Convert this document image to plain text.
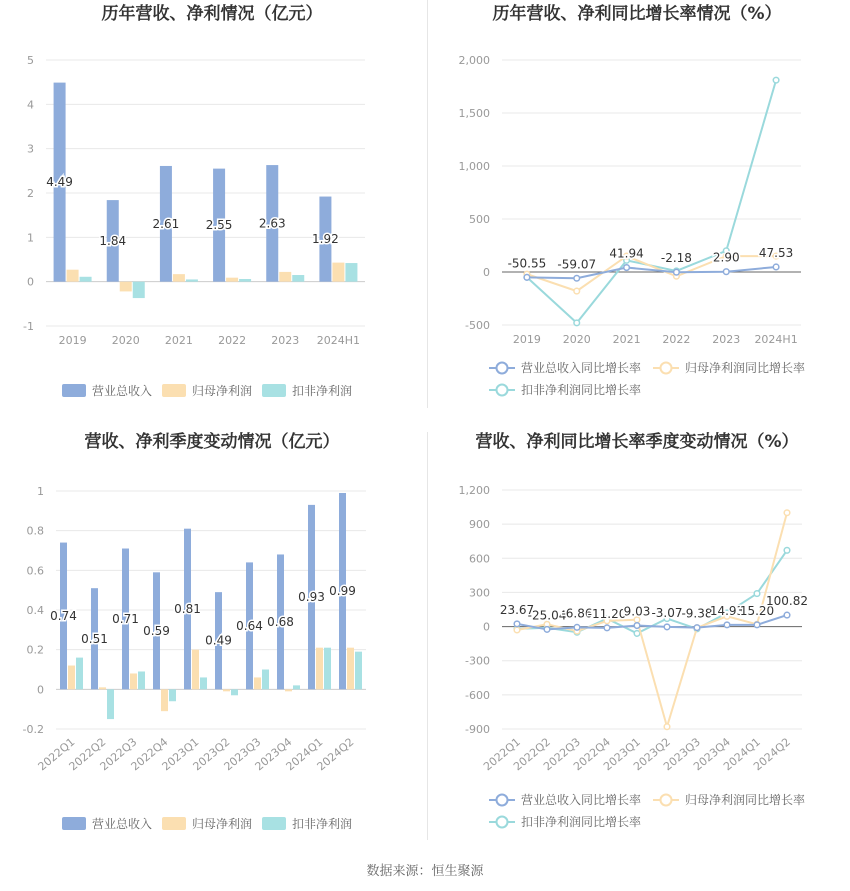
历年营收、净利情况（亿元）
-1
0
1
2
3
4
5
4.49
2019
1.84
2020
2.61
2021
2.55
2022
2.63
2023
1.92
2024H1
营业总收入	归母净利润	扣非净利润
历年营收、净利同比增长率情况（%）
-500
0
500
1,000
1,500
2,000
-50.55 -59.07
41.94 -2.18 2.90 47.53
2019 2020 2021 2022 2023 2024H1
营业总收入同比增长率	归母净利润同比增长率
扣非净利润同比增长率
营收、净利季度变动情况（亿元）
-0.2
0
0.2
0.4
0.6
0.8
1
0.74
2022Q1
0.51
2022Q2
0.71
2022Q3
0.59
2022Q4
0.81
2023Q1
0.49
2023Q2
0.64
2023Q3
0.68
2023Q4
0.93
2024Q1
0.99
2024Q2
营业总收入	归母净利润	扣非净利润
营收、净利同比增长率季度变动情况（%）
-900
-600
-300
0
300
600
900
1,200
23.67
-25.04
-6.86
-11.20
9.03 -3.07
-9.38
14.93
15.20
100.82
2022Q1
2022Q2
2022Q3
2022Q4
2023Q1
2023Q2
2023Q3
2023Q4
2024Q1
2024Q2
营业总收入同比增长率	归母净利润同比增长率
扣非净利润同比增长率
数据来源：恒生聚源
